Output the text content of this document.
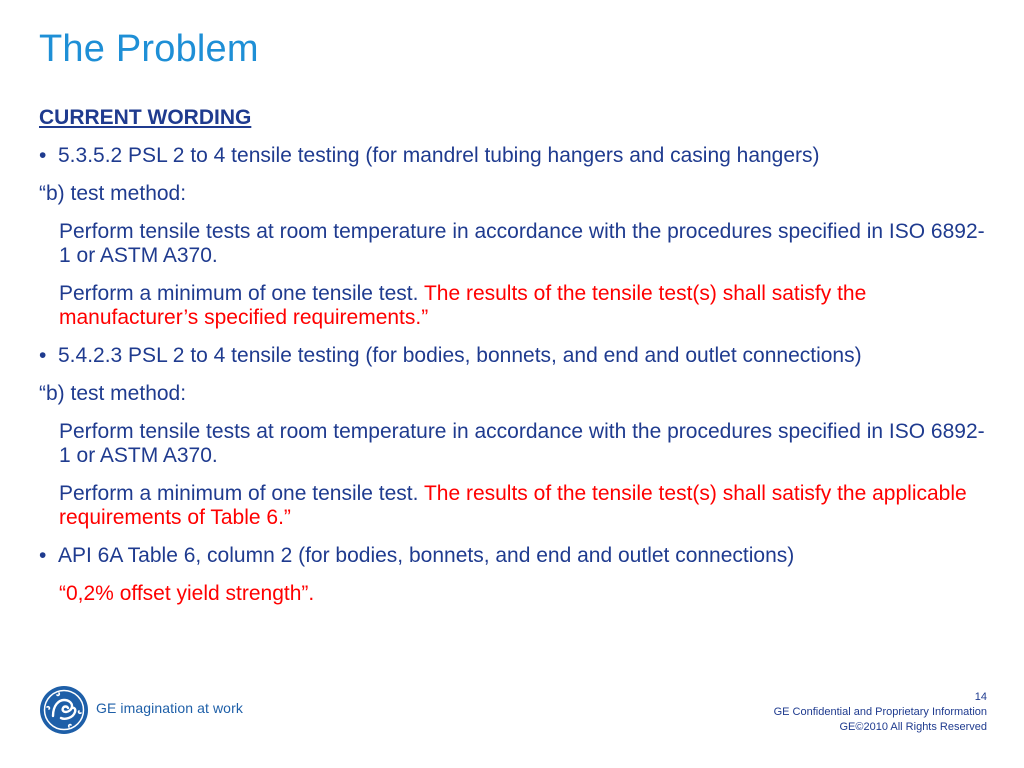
The Problem
CURRENT WORDING
• 5.3.5.2 PSL 2 to 4 tensile testing (for mandrel tubing hangers and casing hangers)
“b) test method:
Perform tensile tests at room temperature in accordance with the procedures specified in ISO 6892-1 or ASTM A370.
Perform a minimum of one tensile test. The results of the tensile test(s) shall satisfy the manufacturer’s specified requirements.”
• 5.4.2.3 PSL 2 to 4 tensile testing (for bodies, bonnets, and end and outlet connections)
“b) test method:
Perform tensile tests at room temperature in accordance with the procedures specified in ISO 6892-1 or ASTM A370.
Perform a minimum of one tensile test. The results of the tensile test(s) shall satisfy the applicable requirements of Table 6.”
• API 6A Table 6, column 2 (for bodies, bonnets, and end and outlet connections)
“0,2% offset yield strength”.
GE imagination at work
14
GE Confidential and Proprietary Information
GE©2010 All Rights Reserved
